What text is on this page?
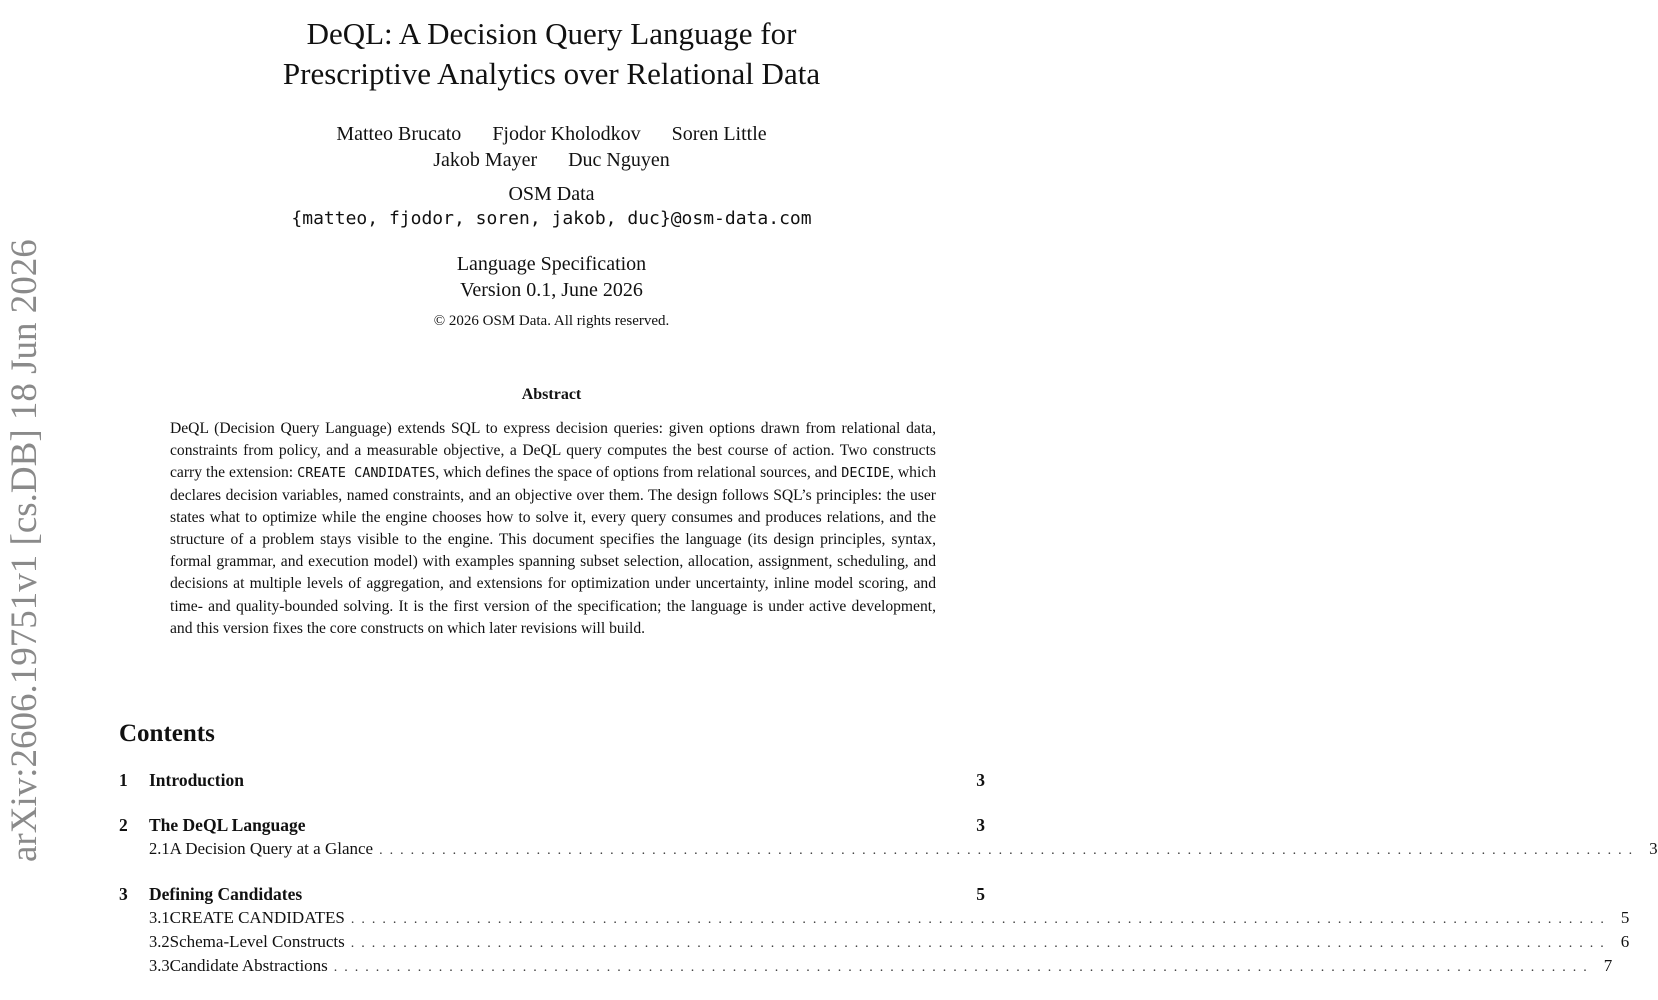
arXiv:2606.19751v1 [cs.DB] 18 Jun 2026
DeQL: A Decision Query Language for
Prescriptive Analytics over Relational Data
Matteo Brucato Fjodor Kholodkov Soren Little
Jakob Mayer Duc Nguyen
OSM Data
{matteo, fjodor, soren, jakob, duc}@osm-data.com
Language Specification
Version 0.1, June 2026
© 2026 OSM Data. All rights reserved.
Abstract

DeQL (Decision Query Language) extends SQL to express decision queries: given options drawn from relational data, constraints from policy, and a measurable objective, a DeQL query computes the best course of action. Two constructs carry the extension: CREATE CANDIDATES, which defines the space of options from relational sources, and DECIDE, which declares decision variables, named constraints, and an objective over them. The design follows SQL’s principles: the user states what to optimize while the engine chooses how to solve it, every query consumes and produces relations, and the structure of a problem stays visible to the engine. This document specifies the language (its design principles, syntax, formal grammar, and execution model) with examples spanning subset selection, allocation, assignment, scheduling, and decisions at multiple levels of aggregation, and extensions for optimization under uncertainty, inline model scoring, and time- and quality-bounded solving. It is the first version of the specification; the language is under active development, and this version fixes the core constructs on which later revisions will build.

Contents
1	Introduction	3
2	The DeQL Language	3
2.1 A Decision Query at a Glance ........................................................................................................................ 3
3	Defining Candidates	5
3.1 CREATE CANDIDATES ........................................................................................................................ 5
3.2 Schema-Level Constructs ........................................................................................................................ 6
3.3 Candidate Abstractions ........................................................................................................................ 7
